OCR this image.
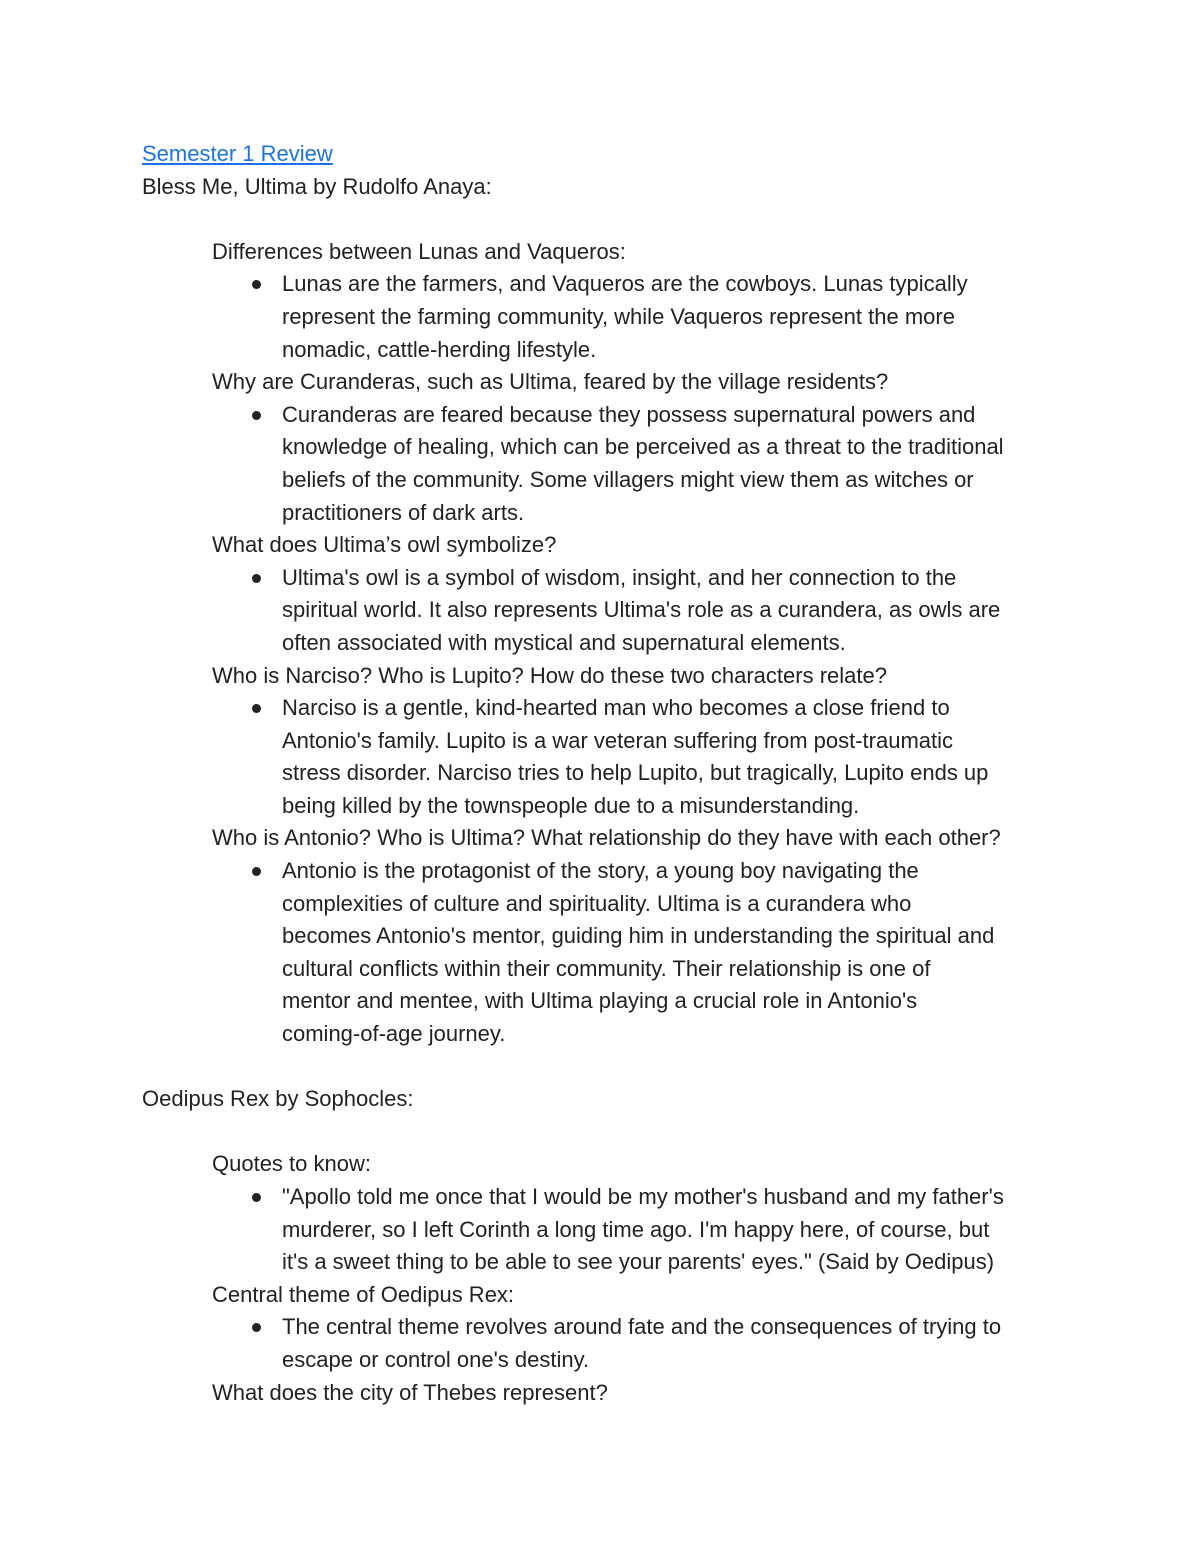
Semester 1 Review
Bless Me, Ultima by Rudolfo Anaya:
Differences between Lunas and Vaqueros:
Lunas are the farmers, and Vaqueros are the cowboys. Lunas typically
represent the farming community, while Vaqueros represent the more
nomadic, cattle-herding lifestyle.
Why are Curanderas, such as Ultima, feared by the village residents?
Curanderas are feared because they possess supernatural powers and
knowledge of healing, which can be perceived as a threat to the traditional
beliefs of the community. Some villagers might view them as witches or
practitioners of dark arts.
What does Ultima’s owl symbolize?
Ultima's owl is a symbol of wisdom, insight, and her connection to the
spiritual world. It also represents Ultima's role as a curandera, as owls are
often associated with mystical and supernatural elements.
Who is Narciso? Who is Lupito? How do these two characters relate?
Narciso is a gentle, kind-hearted man who becomes a close friend to
Antonio's family. Lupito is a war veteran suffering from post-traumatic
stress disorder. Narciso tries to help Lupito, but tragically, Lupito ends up
being killed by the townspeople due to a misunderstanding.
Who is Antonio? Who is Ultima? What relationship do they have with each other?
Antonio is the protagonist of the story, a young boy navigating the
complexities of culture and spirituality. Ultima is a curandera who
becomes Antonio's mentor, guiding him in understanding the spiritual and
cultural conflicts within their community. Their relationship is one of
mentor and mentee, with Ultima playing a crucial role in Antonio's
coming-of-age journey.
Oedipus Rex by Sophocles:
Quotes to know:
"Apollo told me once that I would be my mother's husband and my father's
murderer, so I left Corinth a long time ago. I'm happy here, of course, but
it's a sweet thing to be able to see your parents' eyes." (Said by Oedipus)
Central theme of Oedipus Rex:
The central theme revolves around fate and the consequences of trying to
escape or control one's destiny.
What does the city of Thebes represent?
